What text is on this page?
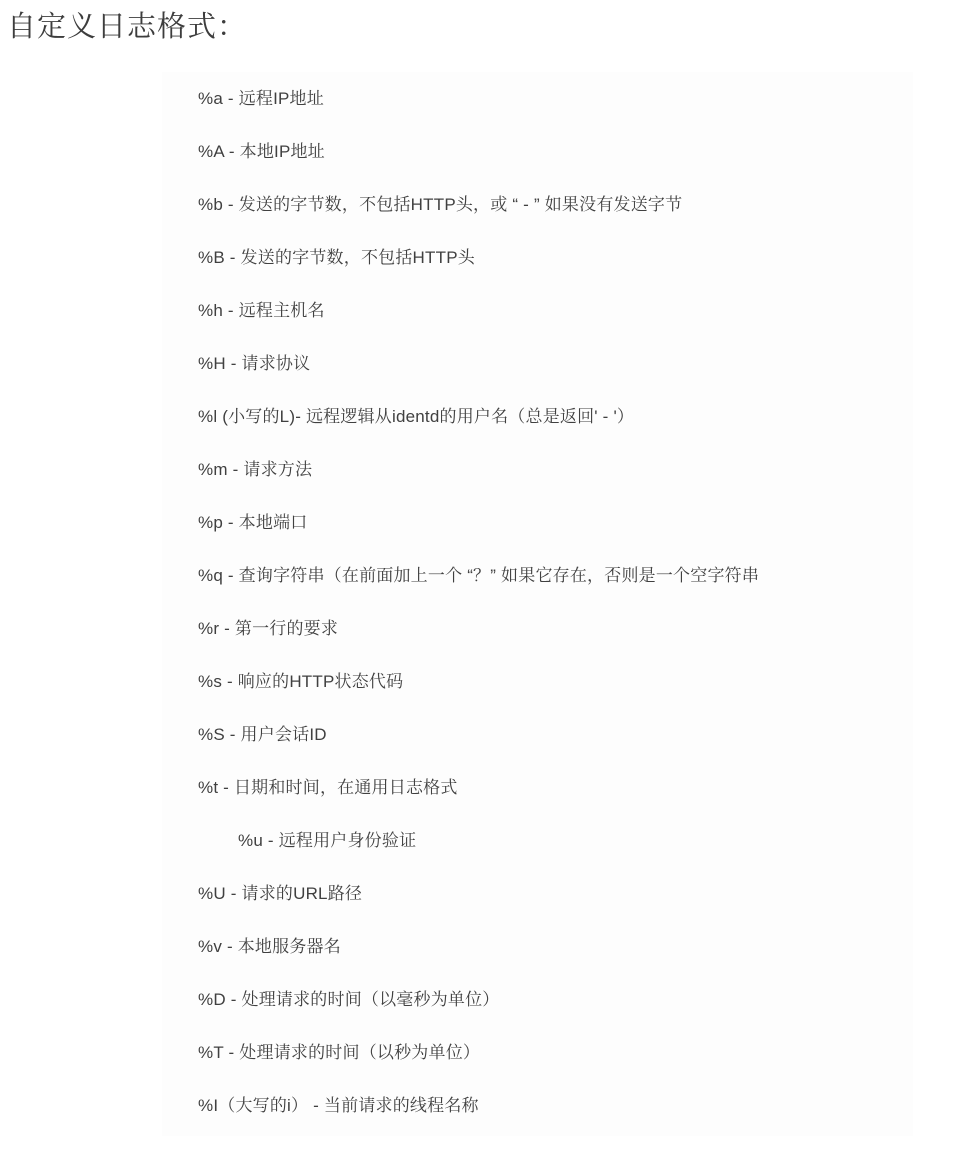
自定义日志格式：
%a - 远程IP地址
%A - 本地IP地址
%b - 发送的字节数，不包括HTTP头，或 “ - ” 如果没有发送字节
%B - 发送的字节数，不包括HTTP头
%h - 远程主机名
%H - 请求协议
%l (小写的L)- 远程逻辑从identd的用户名（总是返回' - '）
%m - 请求方法
%p - 本地端口
%q - 查询字符串（在前面加上一个 “？” 如果它存在，否则是一个空字符串
%r - 第一行的要求
%s - 响应的HTTP状态代码
%S - 用户会话ID
%t - 日期和时间，在通用日志格式
%u - 远程用户身份验证
%U - 请求的URL路径
%v - 本地服务器名
%D - 处理请求的时间（以毫秒为单位）
%T - 处理请求的时间（以秒为单位）
%I（大写的i） - 当前请求的线程名称
